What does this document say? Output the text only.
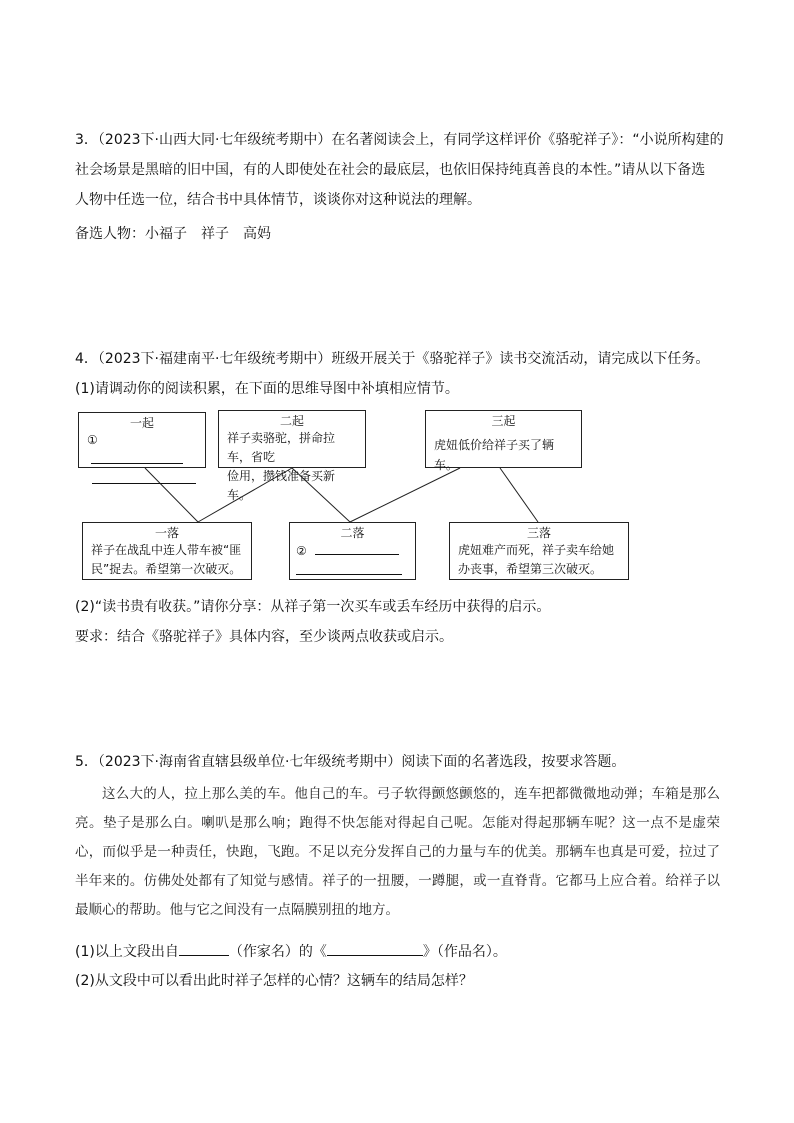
3．（2023下·山西大同·七年级统考期中）在名著阅读会上，有同学这样评价《骆驼祥子》：“小说所构建的
社会场景是黑暗的旧中国，有的人即使处在社会的最底层，也依旧保持纯真善良的本性。”请从以下备选
人物中任选一位，结合书中具体情节，谈谈你对这种说法的理解。
备选人物：小福子　祥子　高妈
4．（2023下·福建南平·七年级统考期中）班级开展关于《骆驼祥子》读书交流活动，请完成以下任务。
(1)请调动你的阅读积累，在下面的思维导图中补填相应情节。
一起
①
二起
祥子卖骆驼，拼命拉车，省吃
俭用，攒钱准备买新车。
三起
虎妞低价给祥子买了辆车。
一落
祥子在战乱中连人带车被“匪
民”捉去。希望第一次破灭。
二落
②
三落
虎妞难产而死，祥子卖车给她
办丧事，希望第三次破灭。
(2)“读书贵有收获。”请你分享：从祥子第一次买车或丢车经历中获得的启示。
要求：结合《骆驼祥子》具体内容，至少谈两点收获或启示。
5．（2023下·海南省直辖县级单位·七年级统考期中）阅读下面的名著选段，按要求答题。

这么大的人，拉上那么美的车。他自己的车。弓子软得颤悠颤悠的，连车把都微微地动弹；车箱是那么亮。垫子是那么白。喇叭是那么响；跑得不快怎能对得起自己呢。怎能对得起那辆车呢？这一点不是虚荣心，而似乎是一种责任，快跑，飞跑。不足以充分发挥自己的力量与车的优美。那辆车也真是可爱，拉过了半年来的。仿佛处处都有了知觉与感情。祥子的一扭腰，一蹲腿，或一直脊背。它都马上应合着。给祥子以最顺心的帮助。他与它之间没有一点隔膜别扭的地方。

(1)以上文段出自	（作家名）的《	》（作品名）。
(2)从文段中可以看出此时祥子怎样的心情？这辆车的结局怎样？
